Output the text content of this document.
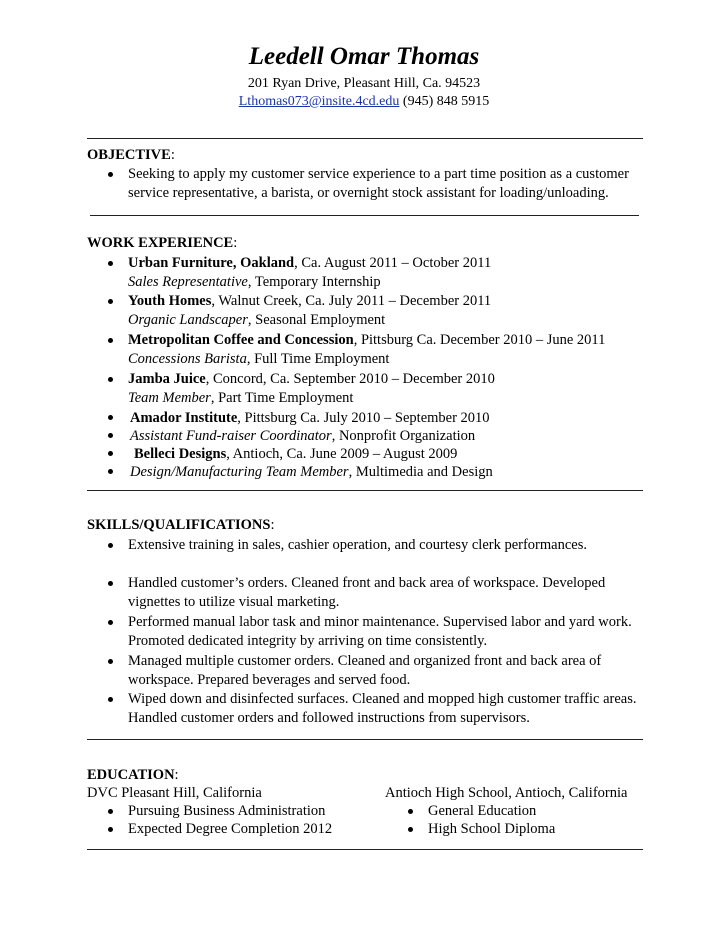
Leedell Omar Thomas
201 Ryan Drive, Pleasant Hill, Ca. 94523
Lthomas073@insite.4cd.edu (945) 848 5915
OBJECTIVE:
Seeking to apply my customer service experience to a part time position as a customer
service representative, a barista, or overnight stock assistant for loading/unloading.
WORK EXPERIENCE:
Urban Furniture, Oakland, Ca. August 2011 – October 2011
Sales Representative, Temporary Internship
Youth Homes, Walnut Creek, Ca. July 2011 – December 2011
Organic Landscaper, Seasonal Employment
Metropolitan Coffee and Concession, Pittsburg Ca. December 2010 – June 2011
Concessions Barista, Full Time Employment
Jamba Juice, Concord, Ca. September 2010 – December 2010
Team Member, Part Time Employment
Amador Institute, Pittsburg Ca. July 2010 – September 2010
Assistant Fund-raiser Coordinator, Nonprofit Organization
Belleci Designs, Antioch, Ca. June 2009 – August 2009
Design/Manufacturing Team Member, Multimedia and Design
SKILLS/QUALIFICATIONS:
Extensive training in sales, cashier operation, and courtesy clerk performances.
Handled customer’s orders. Cleaned front and back area of workspace. Developed
vignettes to utilize visual marketing.
Performed manual labor task and minor maintenance. Supervised labor and yard work.
Promoted dedicated integrity by arriving on time consistently.
Managed multiple customer orders. Cleaned and organized front and back area of
workspace. Prepared beverages and served food.
Wiped down and disinfected surfaces. Cleaned and mopped high customer traffic areas.
Handled customer orders and followed instructions from supervisors.
EDUCATION:
DVC Pleasant Hill, California
Pursuing Business Administration
Expected Degree Completion 2012
Antioch High School, Antioch, California
General Education
High School Diploma
